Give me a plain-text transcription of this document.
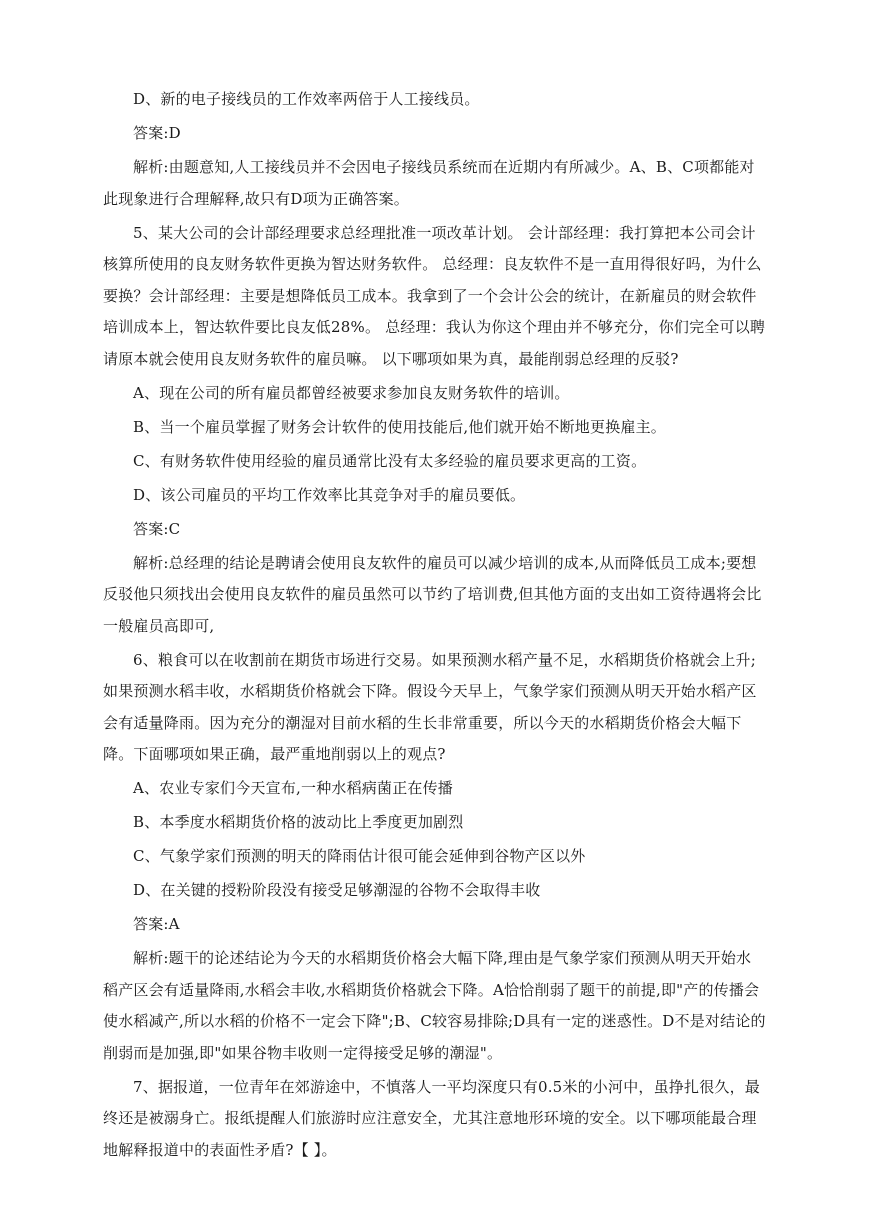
D、新的电子接线员的工作效率两倍于人工接线员。

答案:D

解析:由题意知,人工接线员并不会因电子接线员系统而在近期内有所减少。A、B、C项都能对此现象进行合理解释,故只有D项为正确答案。

5、某大公司的会计部经理要求总经理批准一项改革计划。 会计部经理：我打算把本公司会计核算所使用的良友财务软件更换为智达财务软件。 总经理：良友软件不是一直用得很好吗，为什么要换？会计部经理：主要是想降低员工成本。我拿到了一个会计公会的统计，在新雇员的财会软件培训成本上，智达软件要比良友低28%。 总经理：我认为你这个理由并不够充分，你们完全可以聘请原本就会使用良友财务软件的雇员嘛。 以下哪项如果为真，最能削弱总经理的反驳?

A、现在公司的所有雇员都曾经被要求参加良友财务软件的培训。

B、当一个雇员掌握了财务会计软件的使用技能后,他们就开始不断地更换雇主。

C、有财务软件使用经验的雇员通常比没有太多经验的雇员要求更高的工资。

D、该公司雇员的平均工作效率比其竞争对手的雇员要低。

答案:C

解析:总经理的结论是聘请会使用良友软件的雇员可以减少培训的成本,从而降低员工成本;要想反驳他只须找出会使用良友软件的雇员虽然可以节约了培训费,但其他方面的支出如工资待遇将会比一般雇员高即可,

6、粮食可以在收割前在期货市场进行交易。如果预测水稻产量不足，水稻期货价格就会上升;如果预测水稻丰收，水稻期货价格就会下降。假设今天早上，气象学家们预测从明天开始水稻产区会有适量降雨。因为充分的潮湿对目前水稻的生长非常重要，所以今天的水稻期货价格会大幅下降。下面哪项如果正确，最严重地削弱以上的观点?

A、农业专家们今天宣布,一种水稻病菌正在传播

B、本季度水稻期货价格的波动比上季度更加剧烈

C、气象学家们预测的明天的降雨估计很可能会延伸到谷物产区以外

D、在关键的授粉阶段没有接受足够潮湿的谷物不会取得丰收

答案:A

解析:题干的论述结论为今天的水稻期货价格会大幅下降,理由是气象学家们预测从明天开始水稻产区会有适量降雨,水稻会丰收,水稻期货价格就会下降。A恰恰削弱了题干的前提,即"产的传播会使水稻减产,所以水稻的价格不一定会下降";B、C较容易排除;D具有一定的迷惑性。D不是对结论的削弱而是加强,即"如果谷物丰收则一定得接受足够的潮湿"。

7、据报道，一位青年在郊游途中，不慎落人一平均深度只有0.5米的小河中，虽挣扎很久，最终还是被溺身亡。报纸提醒人们旅游时应注意安全，尤其注意地形环境的安全。以下哪项能最合理地解释报道中的表面性矛盾?【 】。
